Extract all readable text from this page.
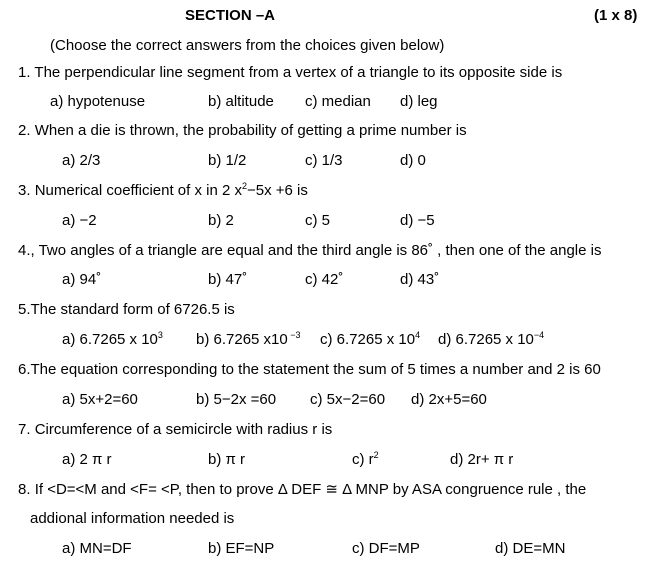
SECTION –A	(1 x 8)
(Choose the correct answers from the choices given below)
1. The perpendicular line segment from a vertex of a triangle to its opposite side is
a) hypotenuse	b) altitude c) median d) leg
2. When a die is thrown, the probability of getting a prime number is
a) 2/3	b) 1/2	c) 1/3	d) 0
3. Numerical coefficient of x in 2 $x^2-5x +6$ is
a) −2	b) 2	c) 5	d) −5
4., Two angles of a triangle are equal and the third angle is 86˚ , then one of the angle is
a) 94˚	b) 47˚	c) 42˚	d) 43˚
5.The standard form of 6726.5 is
a) 6.7265 x $10^3$ b) 6.7265 x10 $^{-3}$ c) 6.7265 x $10^4$ d) 6.7265 x $10^{-4}$
6.The equation corresponding to the statement the sum of 5 times a number and 2 is 60
a) 5x+2=60	b) 5−2x =60 c) 5x−2=60 d) 2x+5=60
7. Circumference of a semicircle with radius r is
a) 2 π r	b) π r	c) $r^2$	d) 2r+ π r
8. If <D=<M and <F= <P, then to prove Δ DEF ≅ Δ MNP by ASA congruence rule , the
addional information needed is
a) MN=DF	b) EF=NP	c) DF=MP	d) DE=MN
